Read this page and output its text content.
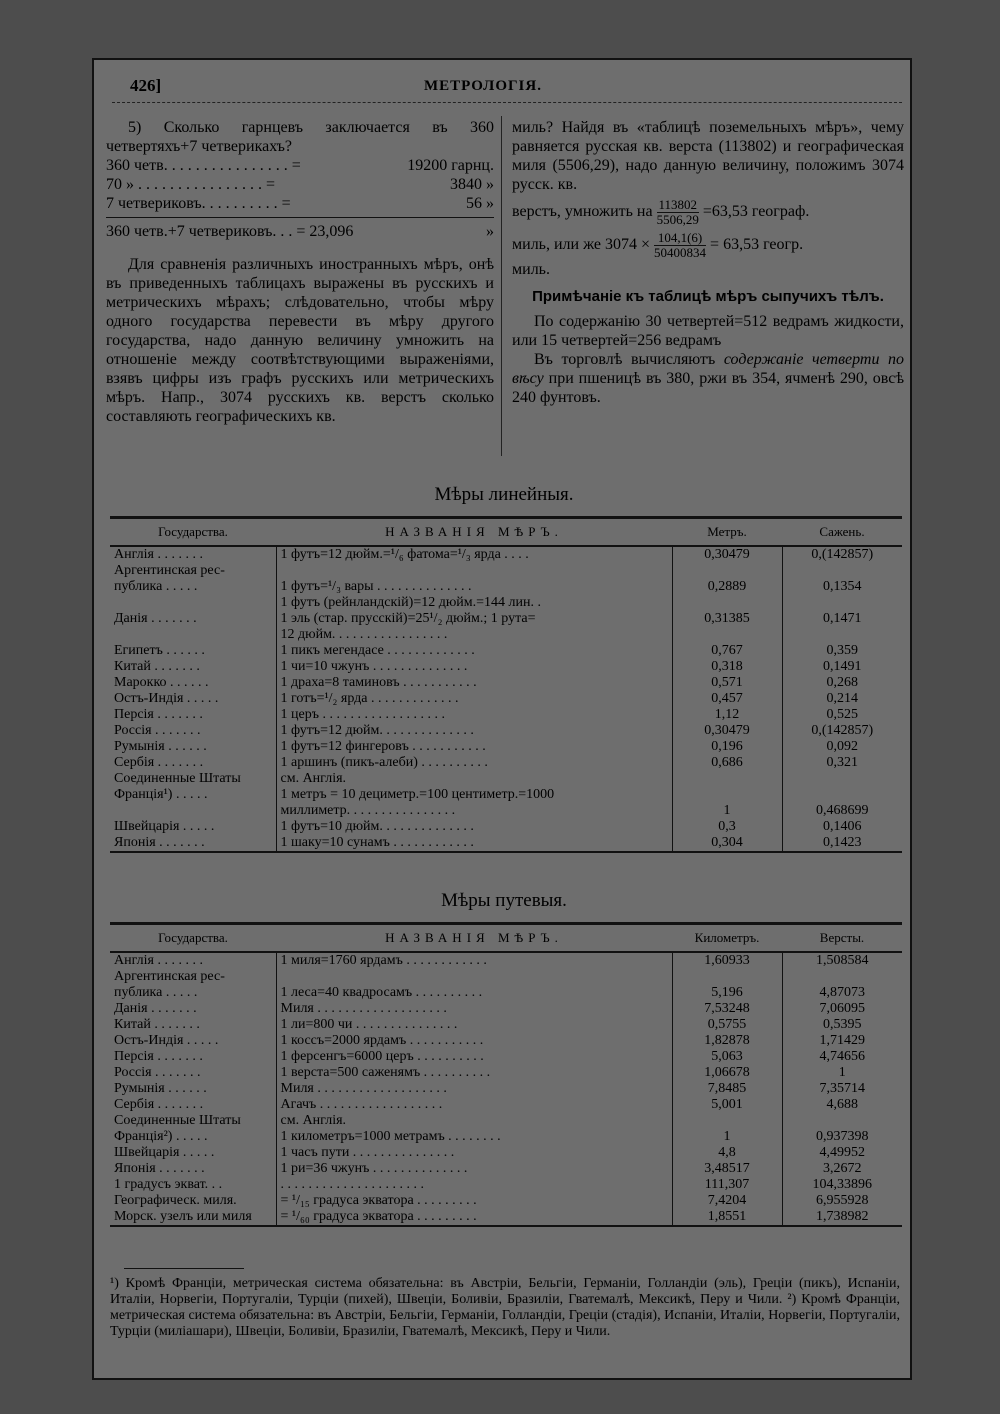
426]	МЕТРОЛОГІЯ.
5) Сколько гарнцевъ заключается въ 360 четвертяхъ+7 четверикахъ?
360 четв. . . . . . . . . . . . . . . . =	19200 гарнц.
70 » . . . . . . . . . . . . . . . . =	3840 »
7 четвериковъ. . . . . . . . . . =	56 »
360 четв.+7 четвериковъ. . . = 23,096	»
Для сравненія различныхъ иностранныхъ мѣръ, онѣ въ приведенныхъ таблицахъ выражены въ русскихъ и метрическихъ мѣрахъ; слѣдовательно, чтобы мѣру одного государства перевести въ мѣру другого государства, надо данную величину умножить на отношеніе между соотвѣтствующими выраженіями, взявъ цифры изъ графъ русскихъ или метрическихъ мѣръ. Напр., 3074 русскихъ кв. верстъ сколько составляють географическихъ кв.
миль? Найдя въ «таблицѣ поземельныхъ мѣръ», чему равняется русская кв. верста (113802) и географическая миля (5506,29), надо данную величину, положимъ 3074 русск. кв.
верстъ, умножить на $\frac{113802}{5506,29} =63,53$ географ.
миль, или же $3074 \times \frac{104,1(6)}{50400834} = 63,53$ геогр.
миль.
Примѣчаніе къ таблицѣ мѣръ сыпучихъ тѣлъ.
По содержанію 30 четвертей=512 ведрамъ жидкости, или 15 четвертей=256 ведрамъ
Въ торговлѣ вычисляютъ содержаніе четверти по вѣсу при пшеницѣ въ 380, ржи въ 354, ячменѣ 290, овсѣ 240 фунтовъ.
Мѣры линейныя.
Государства.	НАЗВАНІЯ МѢРЪ.	Метръ.	Сажень.
Англія . . . . . . .	1 футъ=12 дюйм.=¹/₆ фатома=¹/₃ ярда . . . .	0,30479	0,(142857)
Аргентинская рес-			
публика . . . . .	1 футъ=¹/₃ вары . . . . . . . . . . . . . .	0,2889	0,1354
	1 футъ (рейнландскій)=12 дюйм.=144 лин. .		
Данія . . . . . . .	1 эль (стар. прусскій)=25¹/₂ дюйм.; 1 рута=	0,31385	0,1471
	12 дюйм. . . . . . . . . . . . . . . . .		
Египетъ . . . . . .	1 пикъ мегендасе . . . . . . . . . . . . .	0,767	0,359
Китай . . . . . . .	1 чи=10 чжунъ . . . . . . . . . . . . . .	0,318	0,1491
Марокко . . . . . .	1 драха=8 таминовъ . . . . . . . . . . .	0,571	0,268
Остъ-Индія . . . . .	1 готъ=¹/₂ ярда . . . . . . . . . . . . .	0,457	0,214
Персія . . . . . . .	1 церъ . . . . . . . . . . . . . . . . . .	1,12	0,525
Россія . . . . . . .	1 футъ=12 дюйм. . . . . . . . . . . . . .	0,30479	0,(142857)
Румынія . . . . . .	1 футъ=12 фингеровъ . . . . . . . . . . .	0,196	0,092
Сербія . . . . . . .	1 аршинъ (пикъ-алеби) . . . . . . . . . .	0,686	0,321
Соединенные Штаты	см. Англія.		
Франція¹) . . . . .	1 метръ = 10 дециметр.=100 центиметр.=1000		
	миллиметр. . . . . . . . . . . . . . . .	1	0,468699
Швейцарія . . . . .	1 футъ=10 дюйм. . . . . . . . . . . . . .	0,3	0,1406
Японія . . . . . . .	1 шаку=10 сунамъ . . . . . . . . . . . .	0,304	0,1423
Мѣры путевыя.
Государства.	НАЗВАНІЯ МѢРЪ.	Километръ.	Версты.
Англія . . . . . . .	1 миля=1760 ярдамъ . . . . . . . . . . . .	1,60933	1,508584
Аргентинская рес-			
публика . . . . .	1 леса=40 квадросамъ . . . . . . . . . .	5,196	4,87073
Данія . . . . . . .	Миля . . . . . . . . . . . . . . . . . . .	7,53248	7,06095
Китай . . . . . . .	1 ли=800 чи . . . . . . . . . . . . . . .	0,5755	0,5395
Остъ-Индія . . . . .	1 коссъ=2000 ярдамъ . . . . . . . . . . .	1,82878	1,71429
Персія . . . . . . .	1 ферсенгъ=6000 церъ . . . . . . . . . .	5,063	4,74656
Россія . . . . . . .	1 верста=500 саженямъ . . . . . . . . . .	1,06678	1
Румынія . . . . . .	Миля . . . . . . . . . . . . . . . . . . .	7,8485	7,35714
Сербія . . . . . . .	Агачъ . . . . . . . . . . . . . . . . . .	5,001	4,688
Соединенные Штаты	см. Англія.		
Франція²) . . . . .	1 километръ=1000 метрамъ . . . . . . . .	1	0,937398
Швейцарія . . . . .	1 часъ пути . . . . . . . . . . . . . . .	4,8	4,49952
Японія . . . . . . .	1 ри=36 чжунъ . . . . . . . . . . . . . .	3,48517	3,2672
1 градусъ экват. . .	. . . . . . . . . . . . . . . . . . . . .	111,307	104,33896
Географическ. миля.	= ¹/₁₅ градуса экватора . . . . . . . . .	7,4204	6,955928
Морск. узелъ или миля	= ¹/₆₀ градуса экватора . . . . . . . . .	1,8551	1,738982
¹) Кромѣ Франціи, метрическая система обязательна: въ Австріи, Бельгіи, Германіи, Голландіи (эль), Греціи (пикъ), Испаніи, Италіи, Норвегіи, Португаліи, Турціи (пихей), Швеціи, Боливіи, Бразиліи, Гватемалѣ, Мексикѣ, Перу и Чили. ²) Кромѣ Франціи, метрическая система обязательна: въ Австріи, Бельгіи, Германіи, Голландіи, Греціи (стадія), Испаніи, Италіи, Норвегіи, Португаліи, Турціи (миліашари), Швеціи, Боливіи, Бразиліи, Гватемалѣ, Мексикѣ, Перу и Чили.
